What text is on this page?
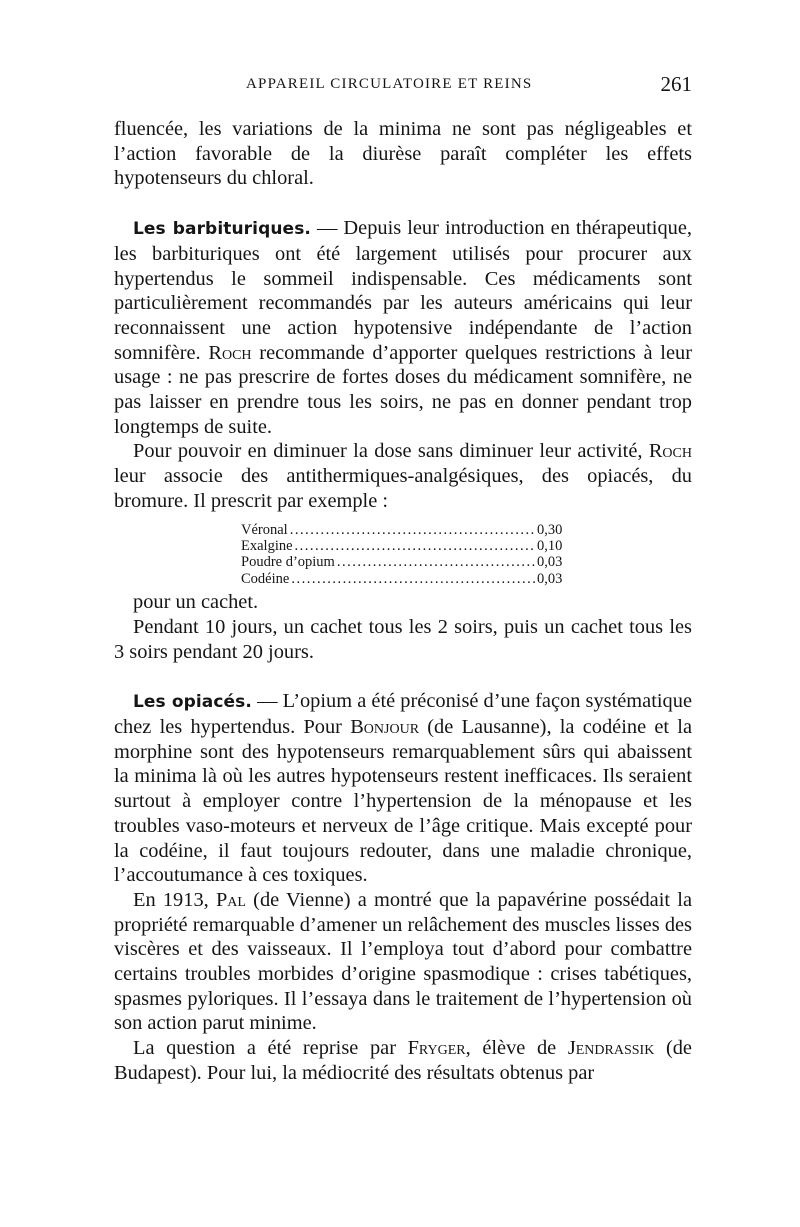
APPAREIL CIRCULATOIRE ET REINS	261

fluencée, les variations de la minima ne sont pas négligeables et l’action favorable de la diurèse paraît compléter les effets hypotenseurs du chloral.

Les barbituriques. — Depuis leur introduction en thérapeutique, les barbituriques ont été largement utilisés pour procurer aux hypertendus le sommeil indispensable. Ces médicaments sont particulièrement recommandés par les auteurs américains qui leur reconnaissent une action hypotensive indépendante de l’action somnifère. Roch recommande d’apporter quelques restrictions à leur usage : ne pas prescrire de fortes doses du médicament somnifère, ne pas laisser en prendre tous les soirs, ne pas en donner pendant trop longtemps de suite.

Pour pouvoir en diminuer la dose sans diminuer leur activité, Roch leur associe des antithermiques-analgésiques, des opiacés, du bromure. Il prescrit par exemple :

Véronal .....	0,30
Exalgine .....	0,10
Poudre d’opium .....	0,03
Codéine .....	0,03

pour un cachet.

Pendant 10 jours, un cachet tous les 2 soirs, puis un cachet tous les 3 soirs pendant 20 jours.

Les opiacés. — L’opium a été préconisé d’une façon systématique chez les hypertendus. Pour Bonjour (de Lausanne), la codéine et la morphine sont des hypotenseurs remarquablement sûrs qui abaissent la minima là où les autres hypotenseurs restent inefficaces. Ils seraient surtout à employer contre l’hypertension de la ménopause et les troubles vaso-moteurs et nerveux de l’âge critique. Mais excepté pour la codéine, il faut toujours redouter, dans une maladie chronique, l’accoutumance à ces toxiques.

En 1913, Pal (de Vienne) a montré que la papavérine possédait la propriété remarquable d’amener un relâchement des muscles lisses des viscères et des vaisseaux. Il l’employa tout d’abord pour combattre certains troubles morbides d’origine spasmodique : crises tabétiques, spasmes pyloriques. Il l’essaya dans le traitement de l’hypertension où son action parut minime.

La question a été reprise par Fryger, élève de Jendrassik (de Budapest). Pour lui, la médiocrité des résultats obtenus par
